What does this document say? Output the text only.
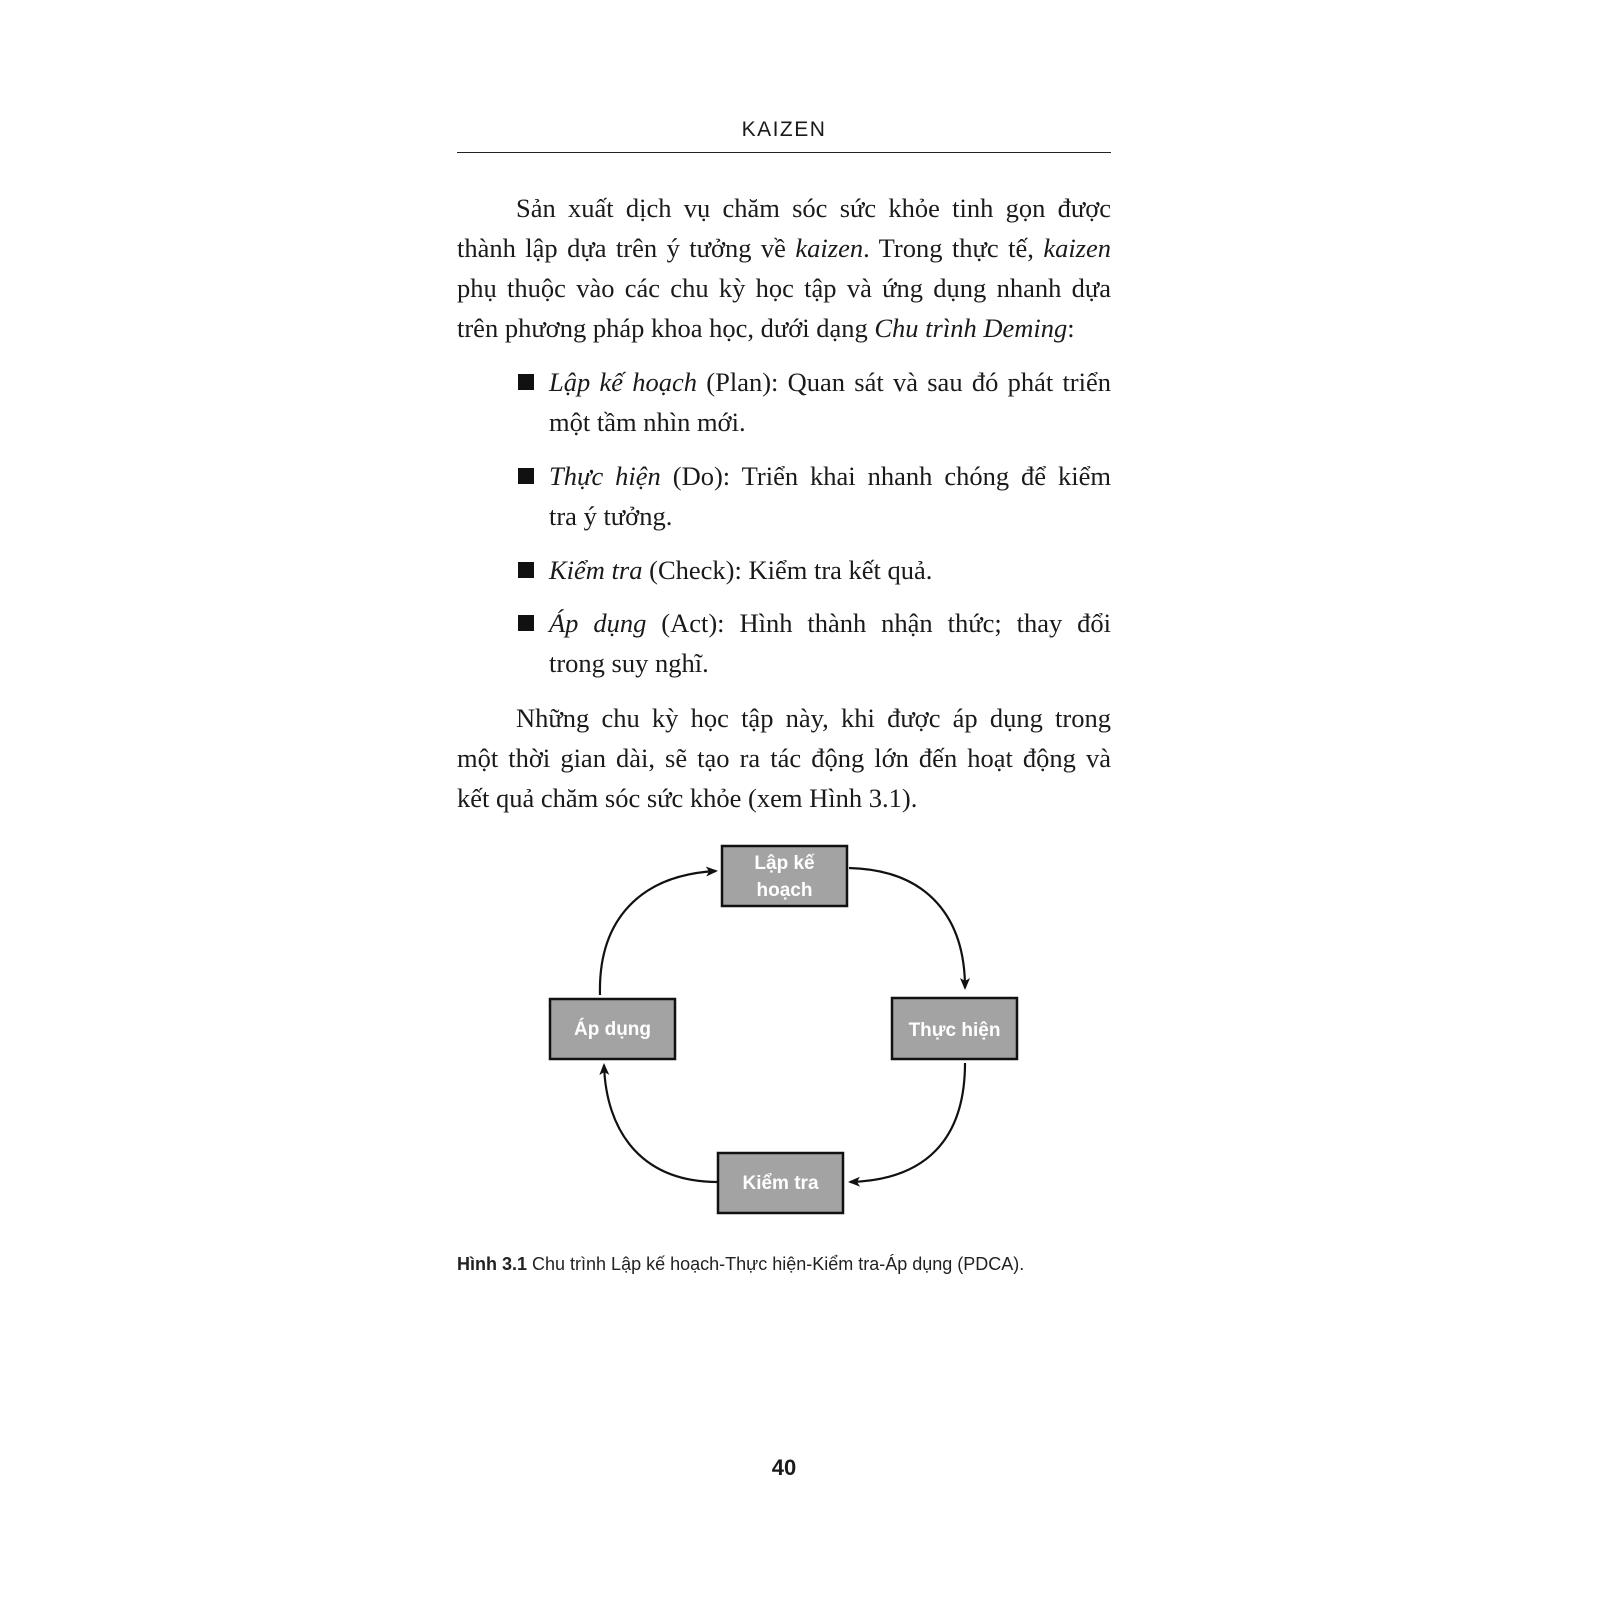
KAIZEN
Sản xuất dịch vụ chăm sóc sức khỏe tinh gọn được
thành lập dựa trên ý tưởng về kaizen. Trong thực tế, kaizen
phụ thuộc vào các chu kỳ học tập và ứng dụng nhanh dựa
trên phương pháp khoa học, dưới dạng Chu trình Deming:
Lập kế hoạch (Plan): Quan sát và sau đó phát triển
một tầm nhìn mới.
Thực hiện (Do): Triển khai nhanh chóng để kiểm
tra ý tưởng.
Kiểm tra (Check): Kiểm tra kết quả.
Áp dụng (Act): Hình thành nhận thức; thay đổi
trong suy nghĩ.
Những chu kỳ học tập này, khi được áp dụng trong
một thời gian dài, sẽ tạo ra tác động lớn đến hoạt động và
kết quả chăm sóc sức khỏe (xem Hình 3.1).
Lập kế
hoạch
Thực hiện
Kiểm tra
Áp dụng
Hình 3.1 Chu trình Lập kế hoạch-Thực hiện-Kiểm tra-Áp dụng (PDCA).
40
